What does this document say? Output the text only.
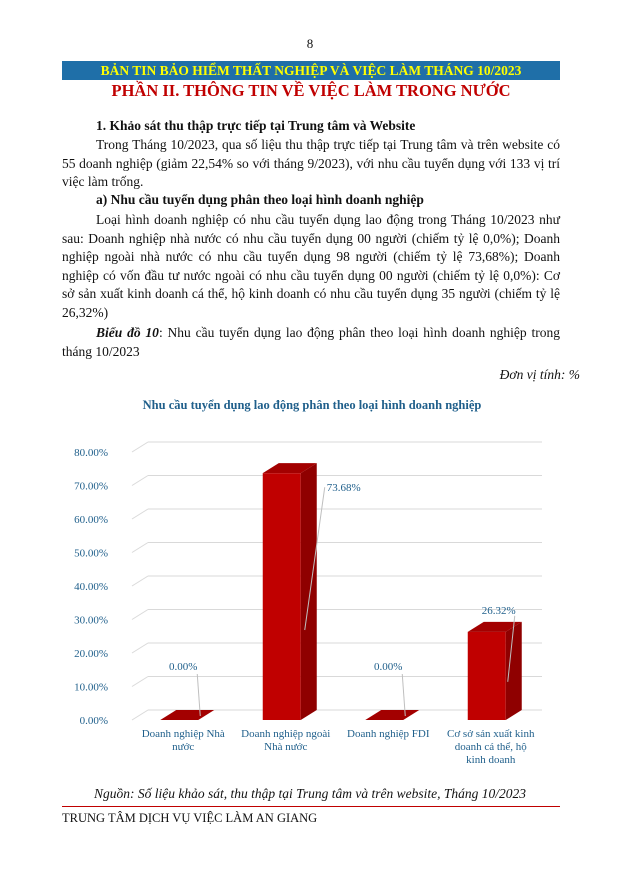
8
BẢN TIN BẢO HIỂM THẤT NGHIỆP VÀ VIỆC LÀM THÁNG 10/2023
PHẦN II. THÔNG TIN VỀ VIỆC LÀM TRONG NƯỚC
1. Khảo sát thu thập trực tiếp tại Trung tâm và Website
Trong Tháng 10/2023, qua số liệu thu thập trực tiếp tại Trung tâm và trên website có 55 doanh nghiệp (giảm 22,54% so với tháng 9/2023), với nhu cầu tuyển dụng với 133 vị trí việc làm trống.
a) Nhu cầu tuyển dụng phân theo loại hình doanh nghiệp
Loại hình doanh nghiệp có nhu cầu tuyển dụng lao động trong Tháng 10/2023 như sau: Doanh nghiệp nhà nước có nhu cầu tuyển dụng 00 người (chiếm tỷ lệ 0,0%); Doanh nghiệp ngoài nhà nước có nhu cầu tuyển dụng 98 người (chiếm tỷ lệ 73,68%); Doanh nghiệp có vốn đầu tư nước ngoài có nhu cầu tuyển dụng 00 người (chiếm tỷ lệ 0,0%): Cơ sở sản xuất kinh doanh cá thể, hộ kinh doanh có nhu cầu tuyển dụng 35 người (chiếm tỷ lệ 26,32%)
Biểu đồ 10: Nhu cầu tuyển dụng lao động phân theo loại hình doanh nghiệp trong tháng 10/2023
Đơn vị tính: %
Nhu cầu tuyển dụng lao động phân theo loại hình doanh nghiệp
0.00%
10.00%
20.00%
30.00%
40.00%
50.00%
60.00%
70.00%
80.00%
0.00%
Doanh nghiệp Nhà
nước
73.68%
Doanh nghiệp ngoài
Nhà nước
0.00%
Doanh nghiệp FDI
26.32%
Cơ sở sản xuất kinh
doanh cá thể, hộ
kinh doanh
Nguồn: Số liệu khảo sát, thu thập tại Trung tâm và trên website, Tháng 10/2023
TRUNG TÂM DỊCH VỤ VIỆC LÀM AN GIANG
